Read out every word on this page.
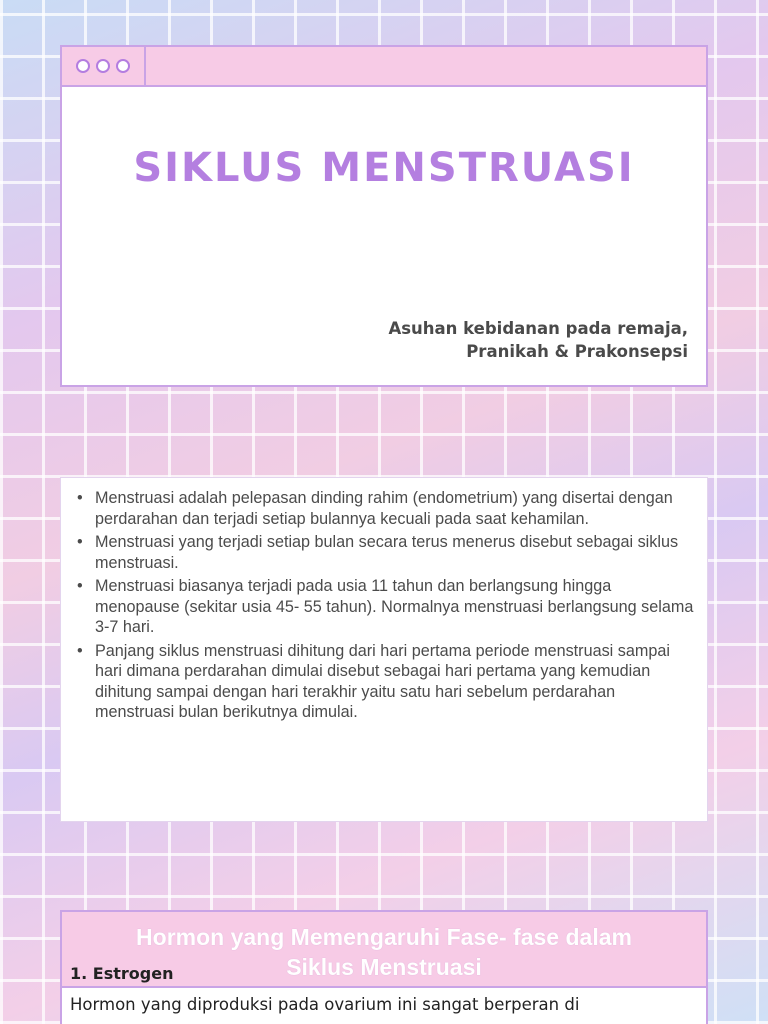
SIKLUS MENSTRUASI
Asuhan kebidanan pada remaja,
Pranikah & Prakonsepsi
• Menstruasi adalah pelepasan dinding rahim (endometrium) yang disertai dengan perdarahan dan terjadi setiap bulannya kecuali pada saat kehamilan.
• Menstruasi yang terjadi setiap bulan secara terus menerus disebut sebagai siklus menstruasi.
• Menstruasi biasanya terjadi pada usia 11 tahun dan berlangsung hingga menopause (sekitar usia 45- 55 tahun). Normalnya menstruasi berlangsung selama 3-7 hari.
• Panjang siklus menstruasi dihitung dari hari pertama periode menstruasi sampai hari dimana perdarahan dimulai disebut sebagai hari pertama yang kemudian dihitung sampai dengan hari terakhir yaitu satu hari sebelum perdarahan menstruasi bulan berikutnya dimulai.
Hormon yang Memengaruhi Fase- fase dalam
Siklus Menstruasi
1. Estrogen
Hormon yang diproduksi pada ovarium ini sangat berperan di
